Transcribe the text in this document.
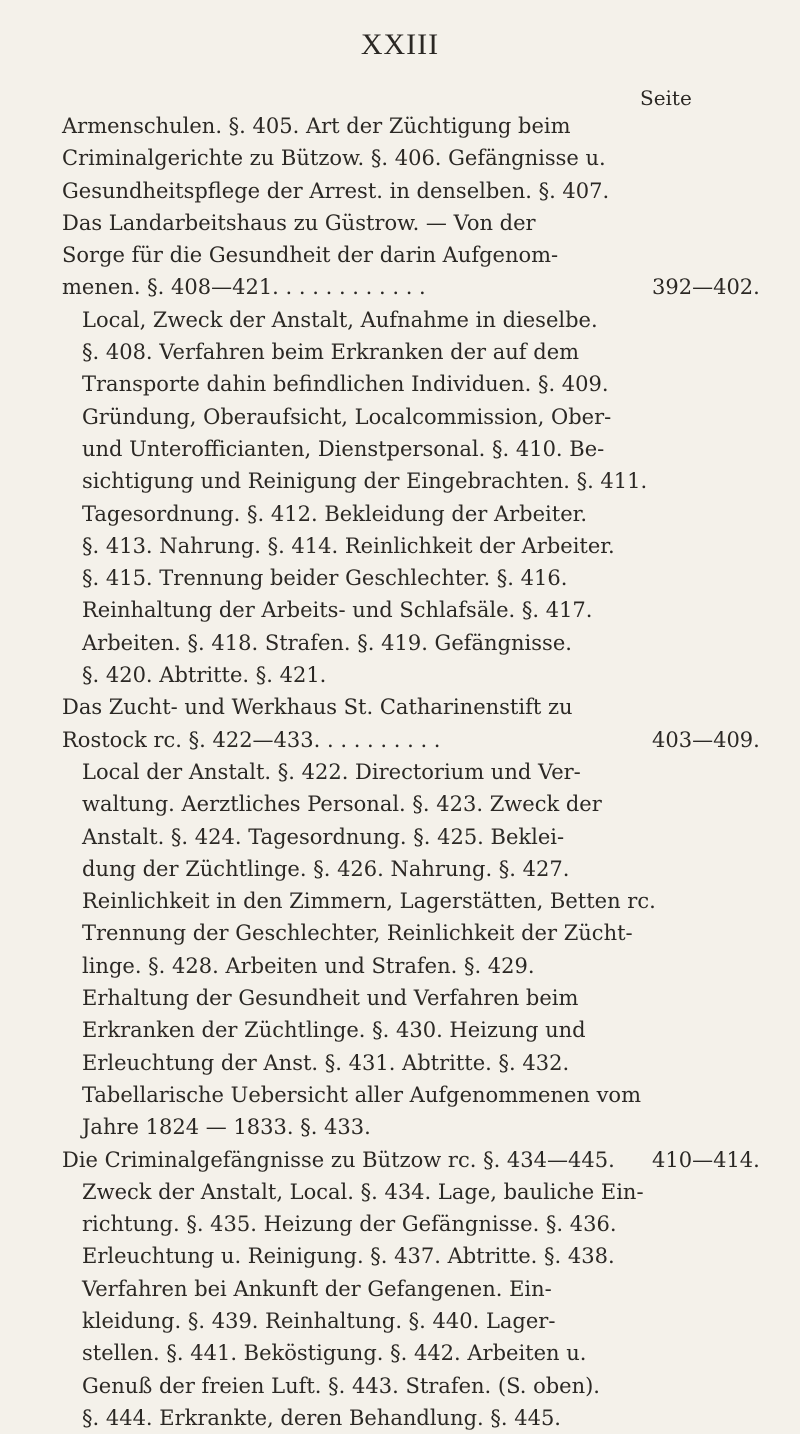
XXIII
Seite
Armenschulen. §. 405. Art der Züchtigung beim
Criminalgerichte zu Bützow. §. 406. Gefängnisse u.
Gesundheitspflege der Arrest. in denselben. §. 407.
Das Landarbeitshaus zu Güstrow. — Von der
Sorge für die Gesundheit der darin Aufgenom-
menen. §. 408—421. . . . . . . . . . . .	392—402.
Local, Zweck der Anstalt, Aufnahme in dieselbe.
§. 408. Verfahren beim Erkranken der auf dem
Transporte dahin befindlichen Individuen. §. 409.
Gründung, Oberaufsicht, Localcommission, Ober-
und Unterofficianten, Dienstpersonal. §. 410. Be-
sichtigung und Reinigung der Eingebrachten. §. 411.
Tagesordnung. §. 412. Bekleidung der Arbeiter.
§. 413. Nahrung. §. 414. Reinlichkeit der Arbeiter.
§. 415. Trennung beider Geschlechter. §. 416.
Reinhaltung der Arbeits- und Schlafsäle. §. 417.
Arbeiten. §. 418. Strafen. §. 419. Gefängnisse.
§. 420. Abtritte. §. 421.
Das Zucht- und Werkhaus St. Catharinenstift zu
Rostock rc. §. 422—433. . . . . . . . . .	403—409.
Local der Anstalt. §. 422. Directorium und Ver-
waltung. Aerztliches Personal. §. 423. Zweck der
Anstalt. §. 424. Tagesordnung. §. 425. Beklei-
dung der Züchtlinge. §. 426. Nahrung. §. 427.
Reinlichkeit in den Zimmern, Lagerstätten, Betten rc.
Trennung der Geschlechter, Reinlichkeit der Zücht-
linge. §. 428. Arbeiten und Strafen. §. 429.
Erhaltung der Gesundheit und Verfahren beim
Erkranken der Züchtlinge. §. 430. Heizung und
Erleuchtung der Anst. §. 431. Abtritte. §. 432.
Tabellarische Uebersicht aller Aufgenommenen vom
Jahre 1824 — 1833. §. 433.
Die Criminalgefängnisse zu Bützow rc. §. 434—445. 410—414.
Zweck der Anstalt, Local. §. 434. Lage, bauliche Ein-
richtung. §. 435. Heizung der Gefängnisse. §. 436.
Erleuchtung u. Reinigung. §. 437. Abtritte. §. 438.
Verfahren bei Ankunft der Gefangenen. Ein-
kleidung. §. 439. Reinhaltung. §. 440. Lager-
stellen. §. 441. Beköstigung. §. 442. Arbeiten u.
Genuß der freien Luft. §. 443. Strafen. (S. oben).
§. 444. Erkrankte, deren Behandlung. §. 445.
